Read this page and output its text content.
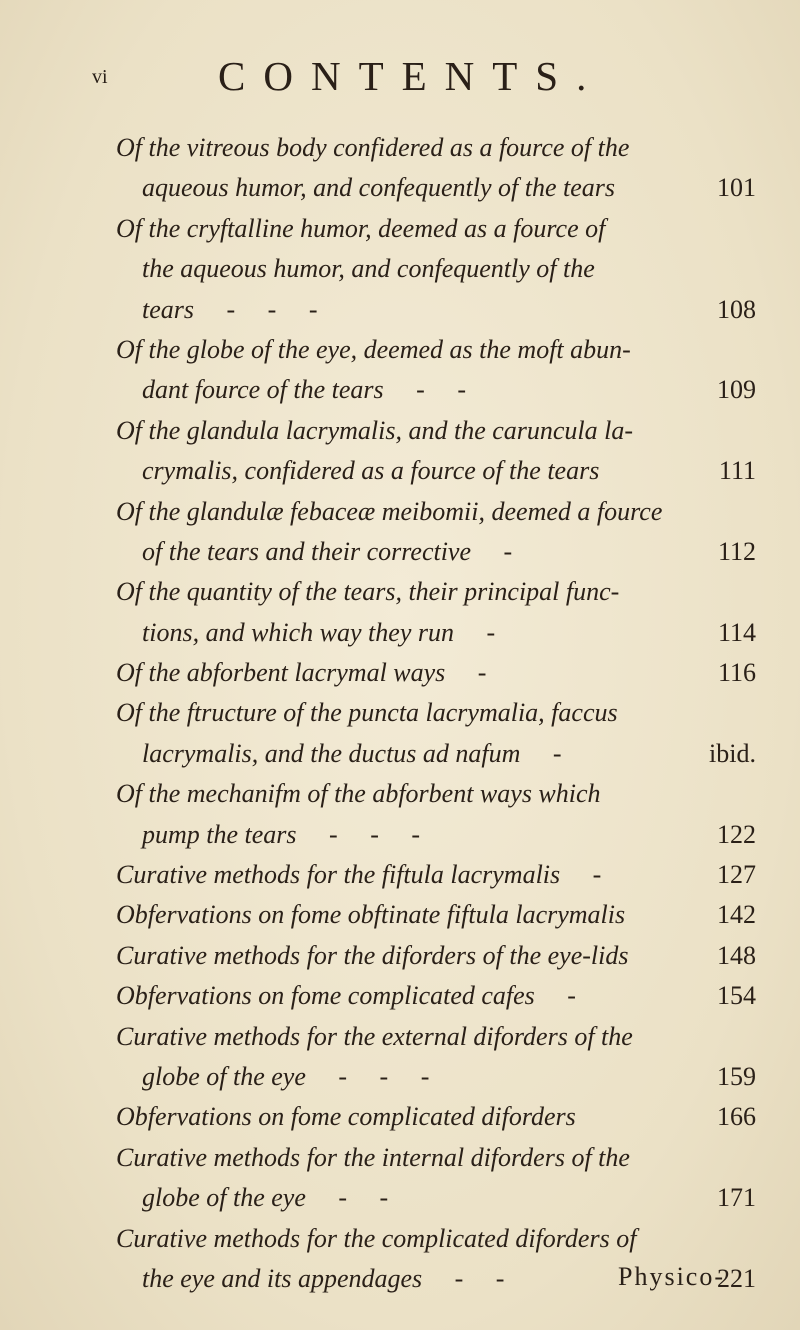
vi	CONTENTS.
Of the vitreous body confidered as a fource of the
aqueous humor, and confequently of the tears	101
Of the cryftalline humor, deemed as a fource of
the aqueous humor, and confequently of the
tears     -     -     -	108
Of the globe of the eye, deemed as the moft abun-
dant fource of the tears     -     -	109
Of the glandula lacrymalis, and the caruncula la-
crymalis, confidered as a fource of the tears	111
Of the glandulæ febaceæ meibomii, deemed a fource
of the tears and their corrective     -	112
Of the quantity of the tears, their principal func-
tions, and which way they run     -	114
Of the abforbent lacrymal ways     -	116
Of the ftructure of the puncta lacrymalia, faccus
lacrymalis, and the ductus ad nafum     -	ibid.
Of the mechanifm of the abforbent ways which
pump the tears     -     -     -	122
Curative methods for the fiftula lacrymalis     -	127
Obfervations on fome obftinate fiftula lacrymalis	142
Curative methods for the diforders of the eye-lids	148
Obfervations on fome complicated cafes     -	154
Curative methods for the external diforders of the
globe of the eye     -     -     -	159
Obfervations on fome complicated diforders	166
Curative methods for the internal diforders of the
globe of the eye     -     -	171
Curative methods for the complicated diforders of
the eye and its appendages     -     -	221
Physico-
